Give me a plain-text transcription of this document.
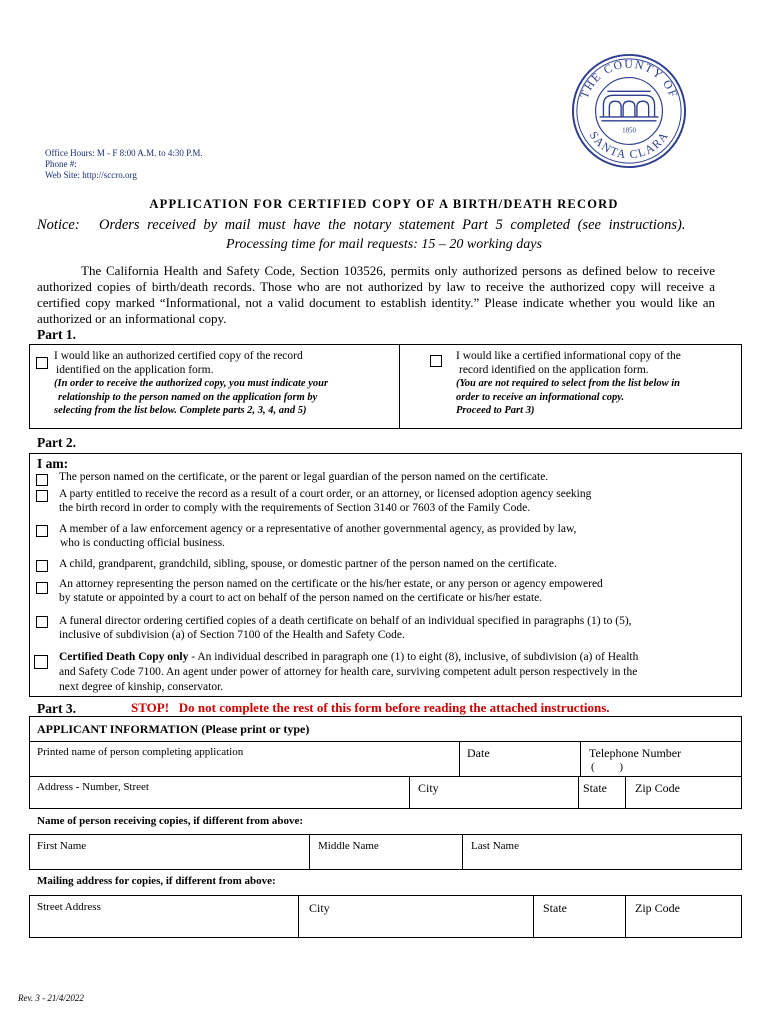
Office Hours: M - F 8:00 A.M. to 4:30 P.M.
Phone #:
Web Site: http://sccro.org
THE COUNTY OF
SANTA CLARA
1850
APPLICATION FOR CERTIFIED COPY OF A BIRTH/DEATH RECORD
Notice: Orders received by mail must have the notary statement Part 5 completed (see instructions).
Processing time for mail requests: 15 – 20 working days
The California Health and Safety Code, Section 103526, permits only authorized persons as defined below to receive authorized copies of birth/death records. Those who are not authorized by law to receive the authorized copy will receive a certified copy marked “Informational, not a valid document to establish identity.” Please indicate whether you would like an authorized or an informational copy.
Part 1.
I would like an authorized certified copy of the record
identified on the application form.
(In order to receive the authorized copy, you must indicate your
relationship to the person named on the application form by
selecting from the list below. Complete parts 2, 3, 4, and 5)
I would like a certified informational copy of the
record identified on the application form.
(You are not required to select from the list below in
order to receive an informational copy.
Proceed to Part 3)
Part 2.
I am:
The person named on the certificate, or the parent or legal guardian of the person named on the certificate.
A party entitled to receive the record as a result of a court order, or an attorney, or licensed adoption agency seeking
the birth record in order to comply with the requirements of Section 3140 or 7603 of the Family Code.
A member of a law enforcement agency or a representative of another governmental agency, as provided by law,
who is conducting official business.
A child, grandparent, grandchild, sibling, spouse, or domestic partner of the person named on the certificate.
An attorney representing the person named on the certificate or the his/her estate, or any person or agency empowered
by statute or appointed by a court to act on behalf of the person named on the certificate or his/her estate.
A funeral director ordering certified copies of a death certificate on behalf of an individual specified in paragraphs (1) to (5),
inclusive of subdivision (a) of Section 7100 of the Health and Safety Code.
Certified Death Copy only - An individual described in paragraph one (1) to eight (8), inclusive, of subdivision (a) of Health
and Safety Code 7100. An agent under power of attorney for health care, surviving competent adult person respectively in the
next degree of kinship, conservator.
Part 3.	STOP!   Do not complete the rest of this form before reading the attached instructions.
APPLICANT INFORMATION (Please print or type)
Printed name of person completing application	Date	Telephone Number
(         )
Address - Number, Street	City	State Zip Code
Name of person receiving copies, if different from above:
First Name	Middle Name	Last Name
Mailing address for copies, if different from above:
Street Address	City	State	Zip Code
Rev. 3 - 21/4/2022
